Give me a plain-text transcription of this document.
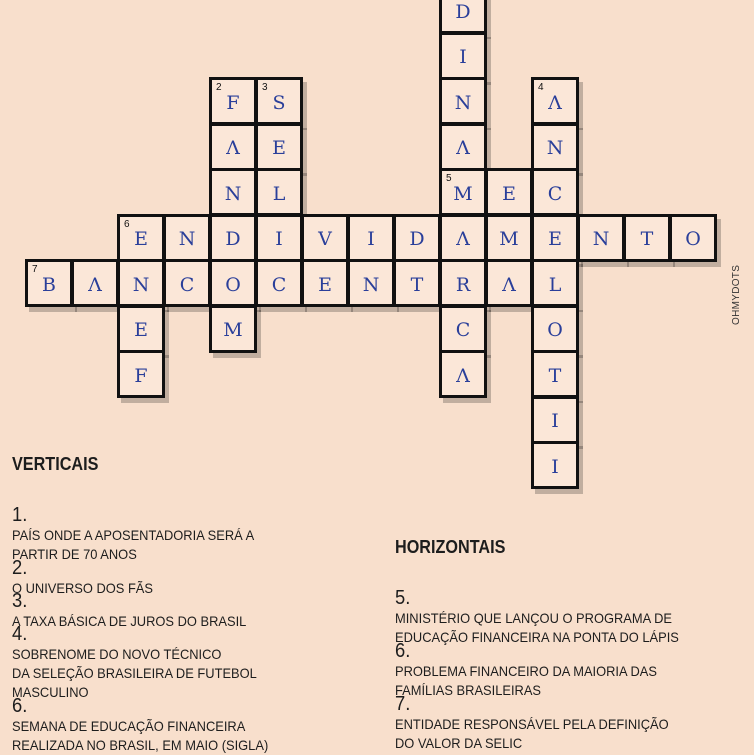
D
I
2
F
3
S	N
4
Λ
Λ	E	Λ	N
N	L
5
M	E	C
6
E	N	D	I	V	I	D	Λ	M	E	N	T	O
7
B	Λ	N	C	O	C	E	N	T	R	Λ	L
E	M	C	O
F	Λ	T
I
I
OHMYDOTS
VERTICAIS

1.
PAÍS ONDE A APOSENTADORIA SERÁ A
PARTIR DE 70 ANOS

2.
O UNIVERSO DOS FÃS

3.
A TAXA BÁSICA DE JUROS DO BRASIL

4.
SOBRENOME DO NOVO TÉCNICO
DA SELEÇÃO BRASILEIRA DE FUTEBOL
MASCULINO

6.
SEMANA DE EDUCAÇÃO FINANCEIRA
REALIZADA NO BRASIL, EM MAIO (SIGLA)

HORIZONTAIS

5.
MINISTÉRIO QUE LANÇOU O PROGRAMA DE
EDUCAÇÃO FINANCEIRA NA PONTA DO LÁPIS

6.
PROBLEMA FINANCEIRO DA MAIORIA DAS
FAMÍLIAS BRASILEIRAS

7.
ENTIDADE RESPONSÁVEL PELA DEFINIÇÃO
DO VALOR DA SELIC
